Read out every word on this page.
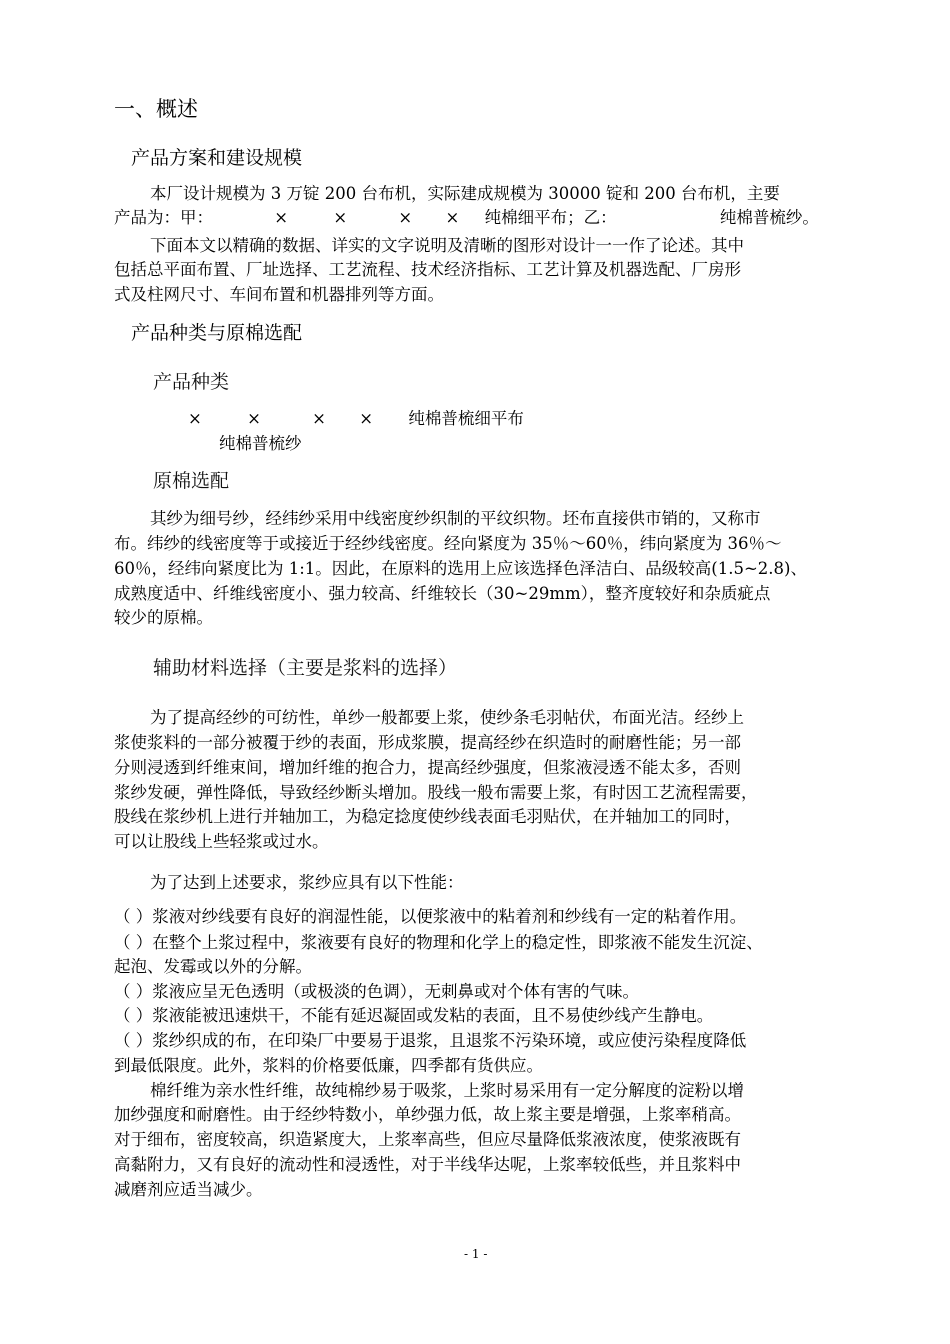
一、概述
产品方案和建设规模
本厂设计规模为 3 万锭 200 台布机，实际建成规模为 30000 锭和 200 台布机，主要
产品为：甲：	×	×	× × 纯棉细平布；乙：	纯棉普梳纱。
下面本文以精确的数据、详实的文字说明及清晰的图形对设计一一作了论述。其中
包括总平面布置、厂址选择、工艺流程、技术经济指标、工艺计算及机器选配、厂房形
式及柱网尺寸、车间布置和机器排列等方面。
产品种类与原棉选配
产品种类
×	×	× × 纯棉普梳细平布
纯棉普梳纱
原棉选配
其纱为细号纱，经纬纱采用中线密度纱织制的平纹织物。坯布直接供市销的，又称市
布。纬纱的线密度等于或接近于经纱线密度。经向紧度为 35％～60％，纬向紧度为 36％～
60％，经纬向紧度比为 1:1。因此，在原料的选用上应该选择色泽洁白、品级较高(1.5~2.8)、
成熟度适中、纤维线密度小、强力较高、纤维较长（30~29mm），整齐度较好和杂质疵点
较少的原棉。
辅助材料选择（主要是浆料的选择）
为了提高经纱的可纺性，单纱一般都要上浆，使纱条毛羽帖伏，布面光洁。经纱上
浆使浆料的一部分被覆于纱的表面，形成浆膜，提高经纱在织造时的耐磨性能；另一部
分则浸透到纤维束间，增加纤维的抱合力，提高经纱强度，但浆液浸透不能太多，否则
浆纱发硬，弹性降低，导致经纱断头增加。股线一般布需要上浆，有时因工艺流程需要，
股线在浆纱机上进行并轴加工，为稳定捻度使纱线表面毛羽贴伏，在并轴加工的同时，
可以让股线上些轻浆或过水。
为了达到上述要求，浆纱应具有以下性能：
（ ）浆液对纱线要有良好的润湿性能，以便浆液中的粘着剂和纱线有一定的粘着作用。
（ ）在整个上浆过程中，浆液要有良好的物理和化学上的稳定性，即浆液不能发生沉淀、
起泡、发霉或以外的分解。
（ ）浆液应呈无色透明（或极淡的色调），无刺鼻或对个体有害的气味。
（ ）浆液能被迅速烘干，不能有延迟凝固或发粘的表面，且不易使纱线产生静电。
（ ）浆纱织成的布，在印染厂中要易于退浆，且退浆不污染环境，或应使污染程度降低
到最低限度。此外，浆料的价格要低廉，四季都有货供应。
棉纤维为亲水性纤维，故纯棉纱易于吸浆，上浆时易采用有一定分解度的淀粉以增
加纱强度和耐磨性。由于经纱特数小，单纱强力低，故上浆主要是增强，上浆率稍高。
对于细布，密度较高，织造紧度大，上浆率高些，但应尽量降低浆液浓度，使浆液既有
高黏附力，又有良好的流动性和浸透性，对于半线华达呢，上浆率较低些，并且浆料中
减磨剂应适当减少。
- 1 -
